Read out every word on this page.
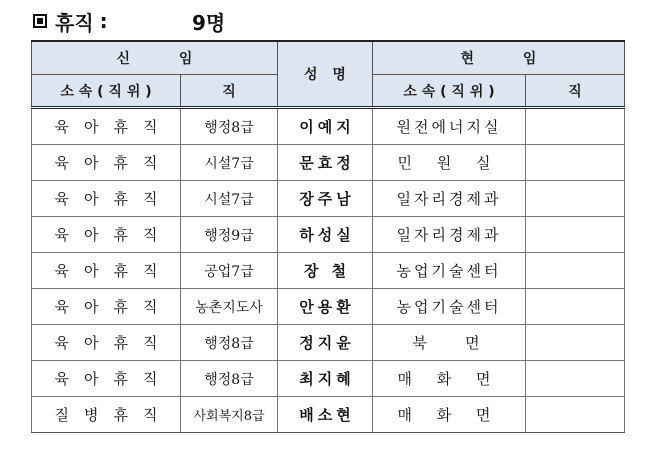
휴직 :	9명
신 임		성 명	현 임	
소 속 ( 직 위 )	직		소 속 ( 직 위 )	직
육아휴직	행정8급	이예지	원전에너지실	
육아휴직	시설7급	문효정	민 원 실	
육아휴직	시설7급	장주남	일자리경제과	
육아휴직	행정9급	하성실	일자리경제과	
육아휴직	공업7급	장 철	농업기술센터	
육아휴직	농촌지도사	안용환	농업기술센터	
육아휴직	행정8급	정지윤	북   면	
육아휴직	행정8급	최지혜	매 화 면	
질병휴직	사회복지8급	배소현	매 화 면	
